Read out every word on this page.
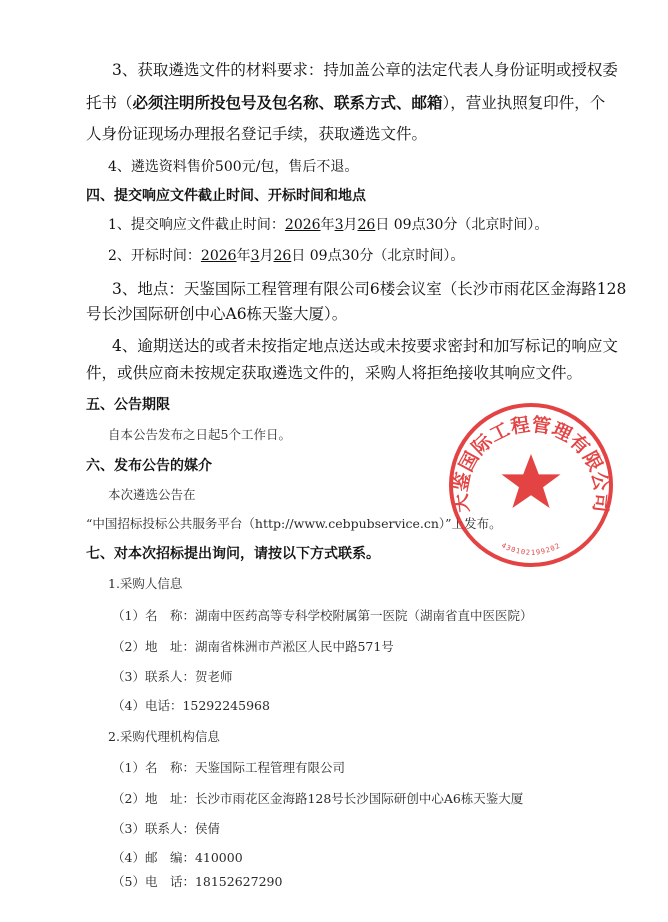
3、获取遴选文件的材料要求：持加盖公章的法定代表人身份证明或授权委
托书（必须注明所投包号及包名称、联系方式、邮箱），营业执照复印件，个
人身份证现场办理报名登记手续，获取遴选文件。
4、遴选资料售价500元/包，售后不退。
四、提交响应文件截止时间、开标时间和地点
1、提交响应文件截止时间：2026年3月26日 09点30分（北京时间）。
2、开标时间：2026年3月26日 09点30分（北京时间）。
3、地点：天鉴国际工程管理有限公司6楼会议室（长沙市雨花区金海路128
号长沙国际研创中心A6栋天鉴大厦）。
4、逾期送达的或者未按指定地点送达或未按要求密封和加写标记的响应文
件，或供应商未按规定获取遴选文件的，采购人将拒绝接收其响应文件。
五、公告期限
自本公告发布之日起5个工作日。
六、发布公告的媒介
本次遴选公告在
“中国招标投标公共服务平台（http://www.cebpubservice.cn）”上发布。
七、对本次招标提出询问，请按以下方式联系。
1.采购人信息
（1）名　称：湖南中医药高等专科学校附属第一医院（湖南省直中医医院）
（2）地　址：湖南省株洲市芦淞区人民中路571号
（3）联系人：贺老师
（4）电话：15292245968
2.采购代理机构信息
（1）名　称：天鉴国际工程管理有限公司
（2）地　址：长沙市雨花区金海路128号长沙国际研创中心A6栋天鉴大厦
（3）联系人：侯倩
（4）邮　编：410000
（5）电　话：18152627290
天鉴国际工程管理有限公司
430102199202
